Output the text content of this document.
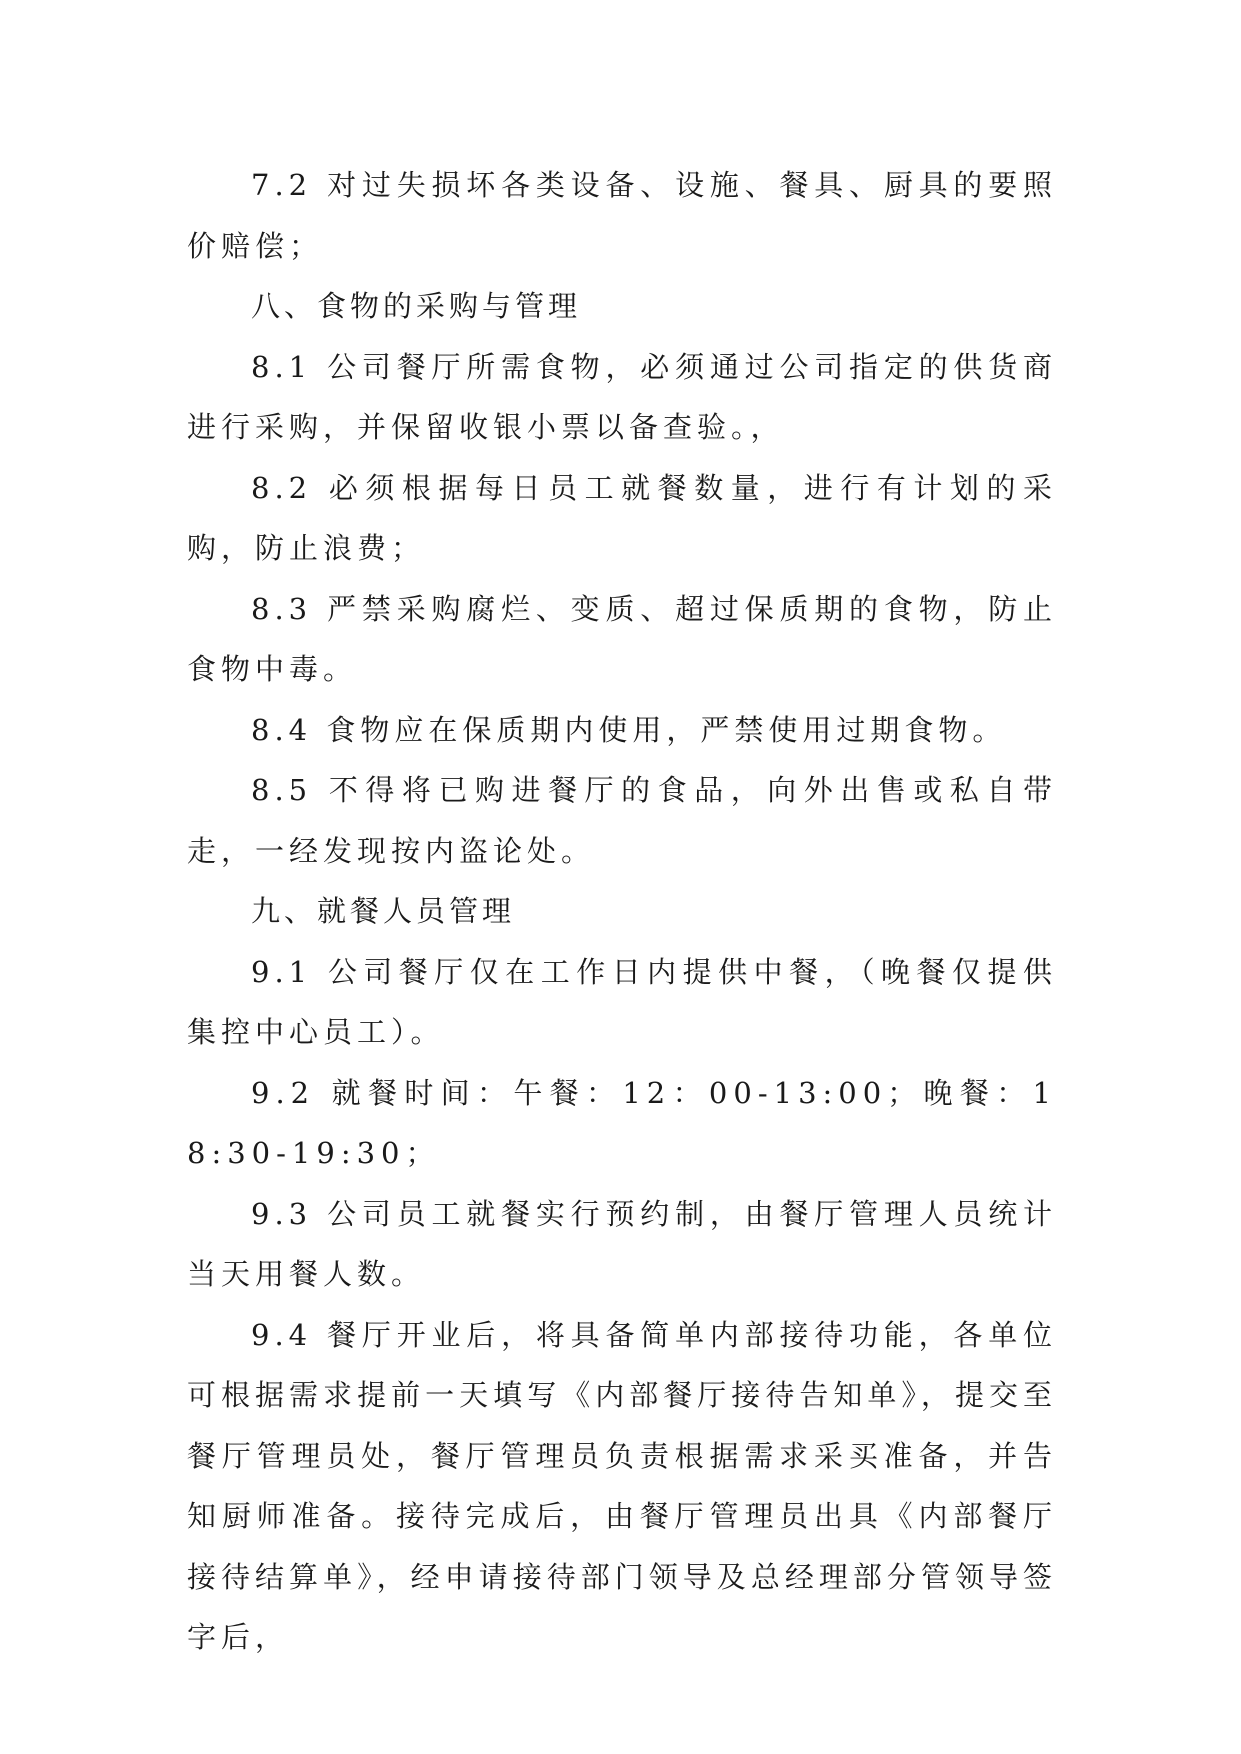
7.2 对过失损坏各类设备、设施、餐具、厨具的要照价赔偿；

八、食物的采购与管理

8.1 公司餐厅所需食物，必须通过公司指定的供货商进行采购，并保留收银小票以备查验。，

8.2 必须根据每日员工就餐数量，进行有计划的采购，防止浪费；

8.3 严禁采购腐烂、变质、超过保质期的食物，防止食物中毒。

8.4 食物应在保质期内使用，严禁使用过期食物。

8.5 不得将已购进餐厅的食品，向外出售或私自带走，一经发现按内盗论处。

九、就餐人员管理

9.1 公司餐厅仅在工作日内提供中餐，（晚餐仅提供集控中心员工）。

9.2 就餐时间：午餐：12：00-13:00；晚餐：18:30-19:30；

9.3 公司员工就餐实行预约制，由餐厅管理人员统计当天用餐人数。

9.4 餐厅开业后，将具备简单内部接待功能，各单位可根据需求提前一天填写《内部餐厅接待告知单》，提交至餐厅管理员处，餐厅管理员负责根据需求采买准备，并告知厨师准备。接待完成后，由餐厅管理员出具《内部餐厅接待结算单》，经申请接待部门领导及总经理部分管领导签字后，
